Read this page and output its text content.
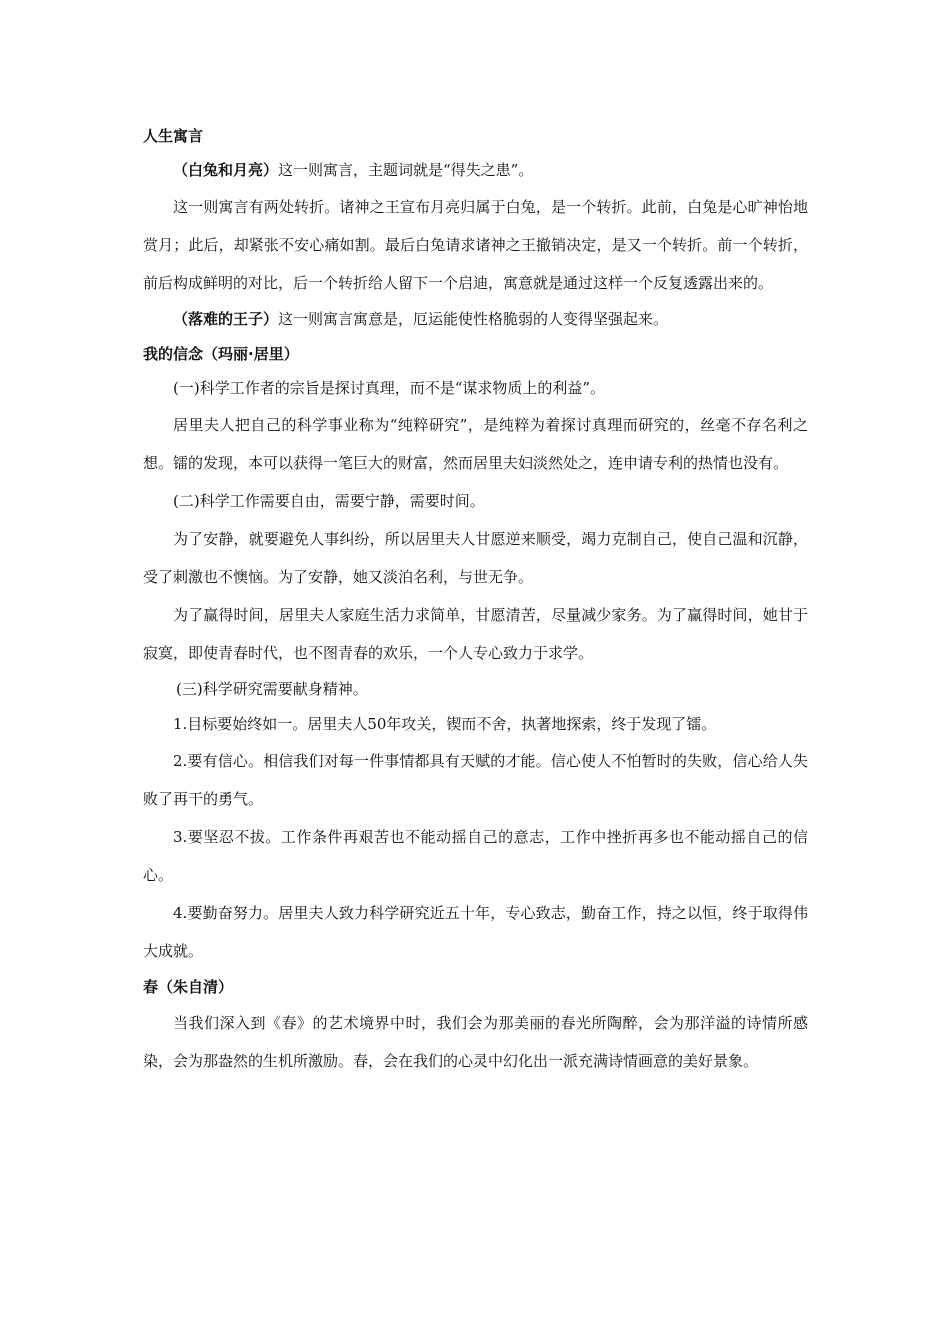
人生寓言

（白兔和月亮）这一则寓言，主题词就是“得失之患”。

这一则寓言有两处转折。诸神之王宣布月亮归属于白兔，是一个转折。此前，白兔是心旷神怡地赏月；此后，却紧张不安心痛如割。最后白兔请求诸神之王撤销决定，是又一个转折。前一个转折，前后构成鲜明的对比，后一个转折给人留下一个启迪，寓意就是通过这样一个反复透露出来的。

（落难的王子）这一则寓言寓意是，厄运能使性格脆弱的人变得坚强起来。

我的信念（玛丽·居里）

(一)科学工作者的宗旨是探讨真理，而不是“谋求物质上的利益”。

居里夫人把自己的科学事业称为“纯粹研究”，是纯粹为着探讨真理而研究的，丝毫不存名利之想。镭的发现，本可以获得一笔巨大的财富，然而居里夫妇淡然处之，连申请专利的热情也没有。

(二)科学工作需要自由，需要宁静，需要时间。

为了安静，就要避免人事纠纷，所以居里夫人甘愿逆来顺受，竭力克制自己，使自己温和沉静，受了刺激也不懊恼。为了安静，她又淡泊名利，与世无争。

为了赢得时间，居里夫人家庭生活力求简单，甘愿清苦，尽量减少家务。为了赢得时间，她甘于寂寞，即使青春时代，也不图青春的欢乐，一个人专心致力于求学。

(三)科学研究需要献身精神。

1.目标要始终如一。居里夫人50年攻关，锲而不舍，执著地探索，终于发现了镭。

2.要有信心。相信我们对每一件事情都具有天赋的才能。信心使人不怕暂时的失败，信心给人失败了再干的勇气。

3.要坚忍不拔。工作条件再艰苦也不能动摇自己的意志，工作中挫折再多也不能动摇自己的信心。

4.要勤奋努力。居里夫人致力科学研究近五十年，专心致志，勤奋工作，持之以恒，终于取得伟大成就。

春（朱自清）

当我们深入到《春》的艺术境界中时，我们会为那美丽的春光所陶醉，会为那洋溢的诗情所感染，会为那盎然的生机所激励。春，会在我们的心灵中幻化出一派充满诗情画意的美好景象。
